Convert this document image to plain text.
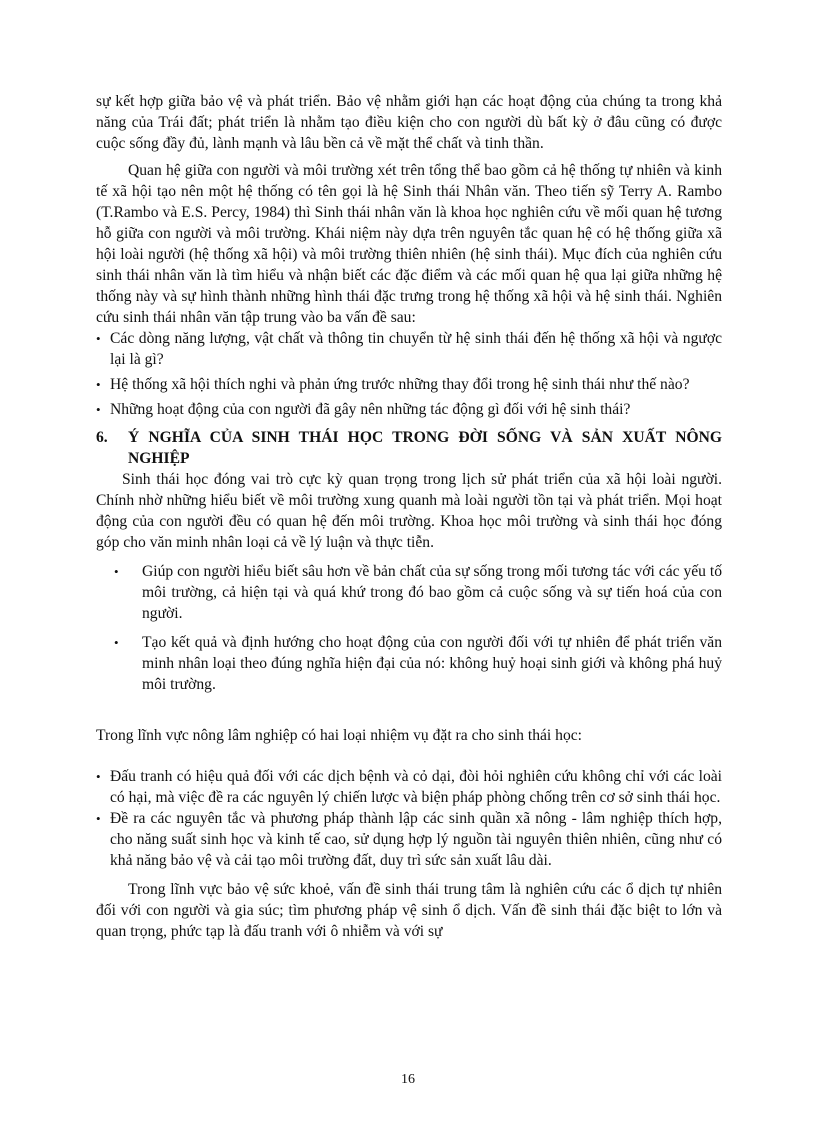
sự kết hợp giữa bảo vệ và phát triển. Bảo vệ nhằm giới hạn các hoạt động của chúng ta trong khả năng của Trái đất; phát triển là nhằm tạo điều kiện cho con người dù bất kỳ ở đâu cũng có được cuộc sống đầy đủ, lành mạnh và lâu bền cả về mặt thể chất và tinh thần.

Quan hệ giữa con người và môi trường xét trên tổng thể bao gồm cả hệ thống tự nhiên và kinh tế xã hội tạo nên một hệ thống có tên gọi là hệ Sinh thái Nhân văn. Theo tiến sỹ Terry A. Rambo (T.Rambo và E.S. Percy, 1984) thì Sinh thái nhân văn là khoa học nghiên cứu về mối quan hệ tương hỗ giữa con người và môi trường. Khái niệm này dựa trên nguyên tắc quan hệ có hệ thống giữa xã hội loài người (hệ thống xã hội) và môi trường thiên nhiên (hệ sinh thái). Mục đích của nghiên cứu sinh thái nhân văn là tìm hiểu và nhận biết các đặc điểm và các mối quan hệ qua lại giữa những hệ thống này và sự hình thành những hình thái đặc trưng trong hệ thống xã hội và hệ sinh thái. Nghiên cứu sinh thái nhân văn tập trung vào ba vấn đề sau:

• Các dòng năng lượng, vật chất và thông tin chuyển từ hệ sinh thái đến hệ thống xã hội và ngược lại là gì?
• Hệ thống xã hội thích nghi và phản ứng trước những thay đổi trong hệ sinh thái như thế nào?
• Những hoạt động của con người đã gây nên những tác động gì đối với hệ sinh thái?
6.	Ý NGHĨA CỦA SINH THÁI HỌC TRONG ĐỜI SỐNG VÀ SẢN XUẤT NÔNG NGHIỆP

Sinh thái học đóng vai trò cực kỳ quan trọng trong lịch sử phát triển của xã hội loài người. Chính nhờ những hiểu biết về môi trường xung quanh mà loài người tồn tại và phát triển. Mọi hoạt động của con người đều có quan hệ đến môi trường. Khoa học môi trường và sinh thái học đóng góp cho văn minh nhân loại cả về lý luận và thực tiễn.

•	Giúp con người hiểu biết sâu hơn về bản chất của sự sống trong mối tương tác với các yếu tố môi trường, cả hiện tại và quá khứ trong đó bao gồm cả cuộc sống và sự tiến hoá của con người.
•	Tạo kết quả và định hướng cho hoạt động của con người đối với tự nhiên để phát triển văn minh nhân loại theo đúng nghĩa hiện đại của nó: không huỷ hoại sinh giới và không phá huỷ môi trường.

Trong lĩnh vực nông lâm nghiệp có hai loại nhiệm vụ đặt ra cho sinh thái học:

• Đấu tranh có hiệu quả đối với các dịch bệnh và cỏ dại, đòi hỏi nghiên cứu không chỉ với các loài có hại, mà việc đề ra các nguyên lý chiến lược và biện pháp phòng chống trên cơ sở sinh thái học.
• Đề ra các nguyên tắc và phương pháp thành lập các sinh quần xã nông - lâm nghiệp thích hợp, cho năng suất sinh học và kinh tế cao, sử dụng hợp lý nguồn tài nguyên thiên nhiên, cũng như có khả năng bảo vệ và cải tạo môi trường đất, duy trì sức sản xuất lâu dài.

Trong lĩnh vực bảo vệ sức khoẻ, vấn đề sinh thái trung tâm là nghiên cứu các ổ dịch tự nhiên đối với con người và gia súc; tìm phương pháp vệ sinh ổ dịch. Vấn đề sinh thái đặc biệt to lớn và quan trọng, phức tạp là đấu tranh với ô nhiễm và với sự

16
